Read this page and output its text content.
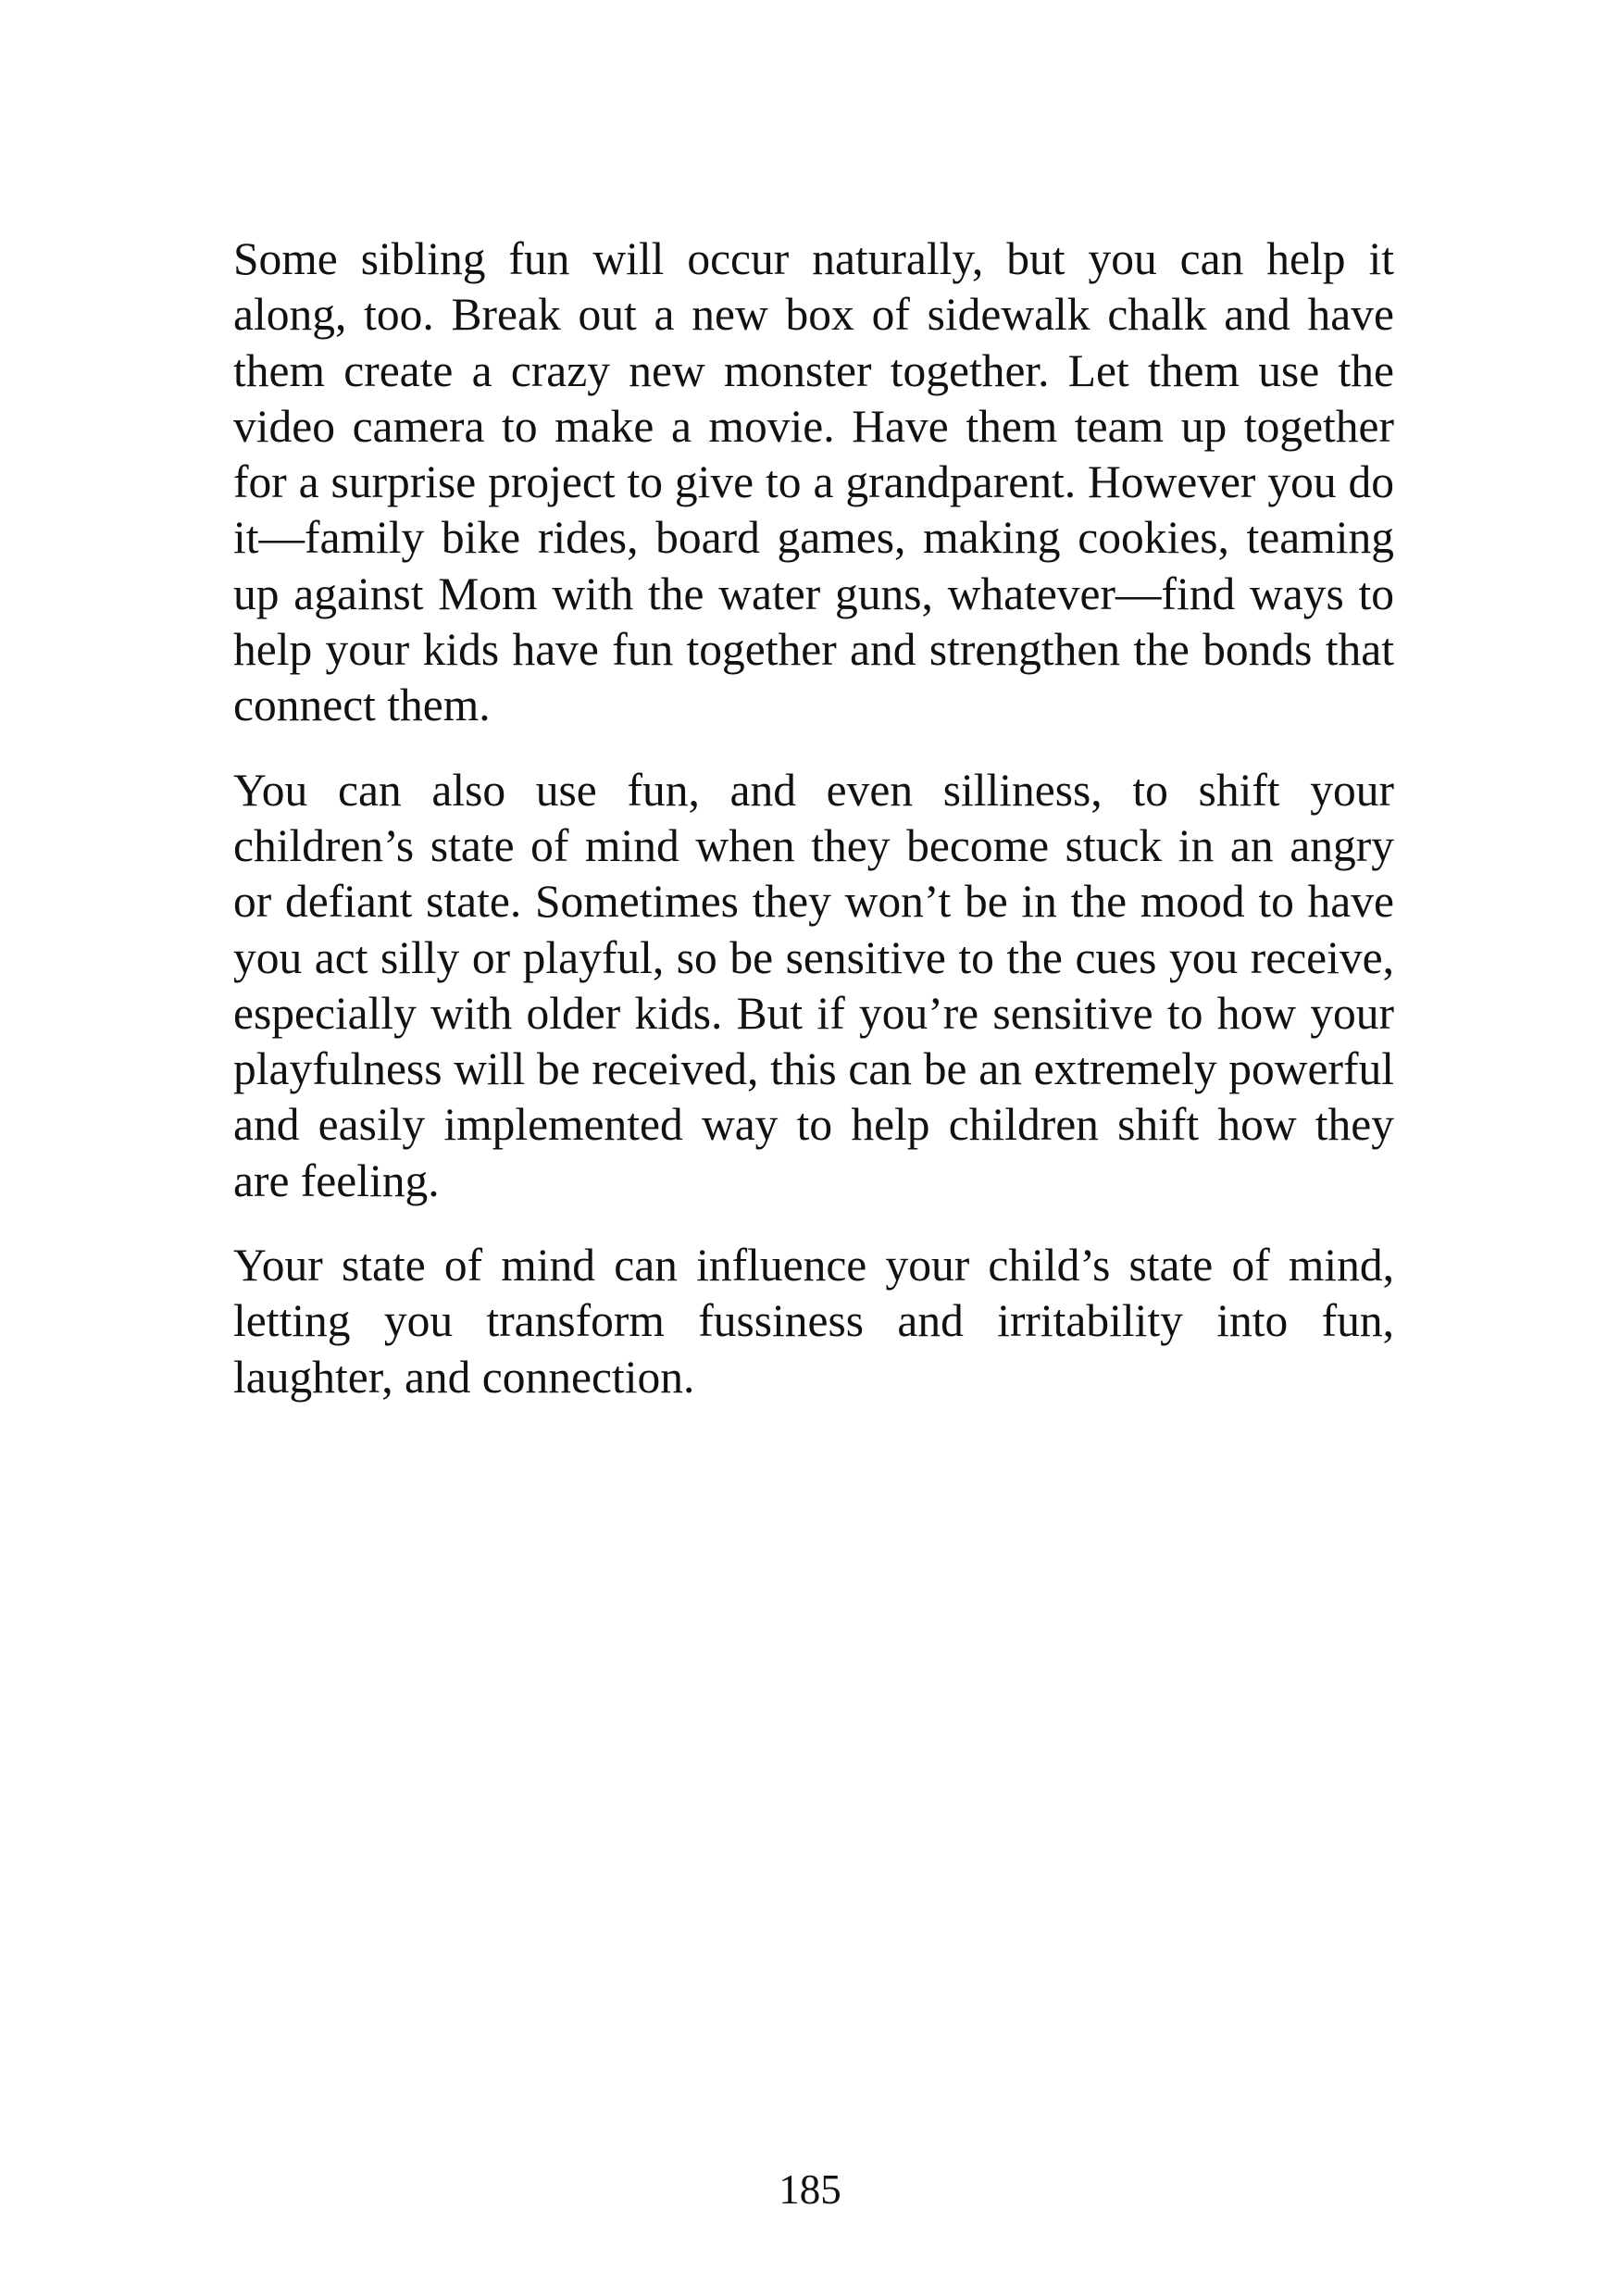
Some sibling fun will occur naturally, but you can help it along, too. Break out a new box of sidewalk chalk and have them create a crazy new monster together. Let them use the video camera to make a movie. Have them team up together for a surprise project to give to a grandparent. However you do it—family bike rides, board games, making cookies, teaming up against Mom with the water guns, whatever—find ways to help your kids have fun together and strengthen the bonds that connect them.

You can also use fun, and even silliness, to shift your children’s state of mind when they become stuck in an angry or defiant state. Sometimes they won’t be in the mood to have you act silly or playful, so be sensitive to the cues you receive, especially with older kids. But if you’re sensitive to how your playfulness will be received, this can be an extremely powerful and easily implemented way to help children shift how they are feeling.

Your state of mind can influence your child’s state of mind, letting you transform fussiness and irritability into fun, laughter, and connection.

185
